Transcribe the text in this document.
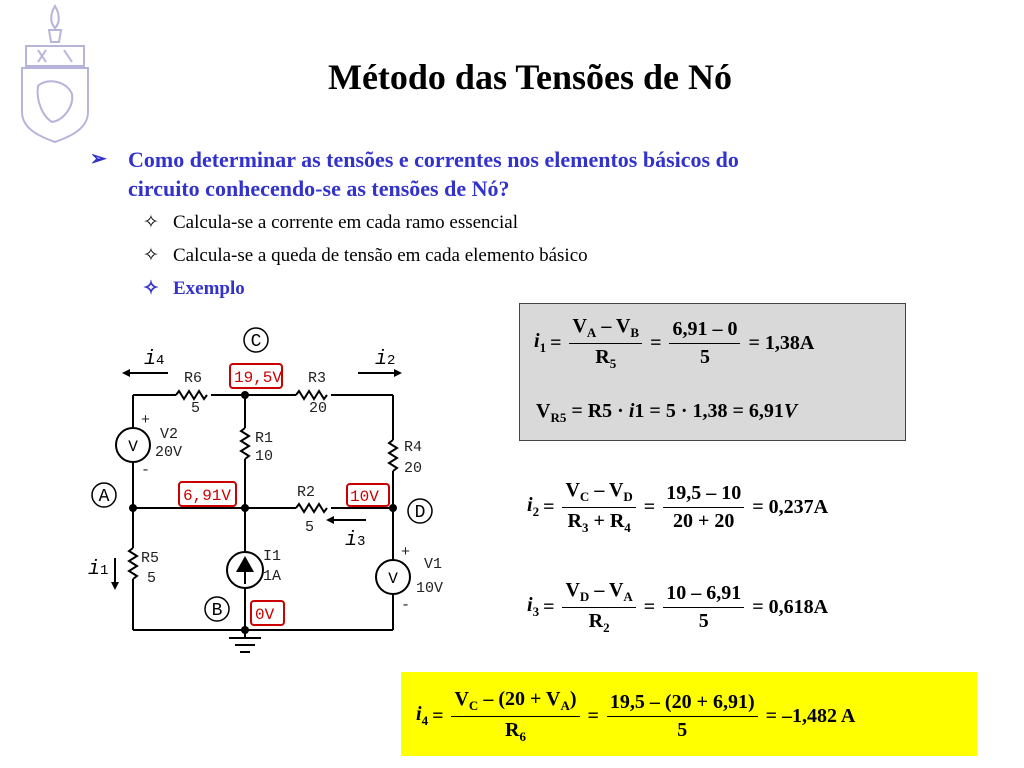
Método das Tensões de Nó
➢ Como determinar as tensões e correntes nos elementos básicos do
circuito conhecendo-se as tensões de Nó?
✧ Calcula-se a corrente em cada ramo essencial
✧ Calcula-se a queda de tensão em cada elemento básico
✧ Exemplo
C
A
D
B
19,5V
6,91V	10V
0V
i4	i2
i3
i1
R6
5
R3
20
R1
10
R4
20
R2
5
R5
5
V2
20V
I1
1A
V1
10V
+
-
+
-
V
V
$i_1 = \frac{V_A - V_B}{R_5} = \frac{6,91 - 0}{5} = 1,38A$
$V_{R5} = R5 \cdot i1 = 5 \cdot 1,38 = 6,91V$
$i_2 = \frac{V_C - V_D}{R_3 + R_4} = \frac{19,5 - 10}{20 + 20} = 0,237A$
$i_3 = \frac{V_D - V_A}{R_2} = \frac{10 - 6,91}{5} = 0,618A$
$i_4 = \frac{V_C - (20 + V_A)}{R_6} = \frac{19,5 - (20 + 6,91)}{5} = -1,482$ A
